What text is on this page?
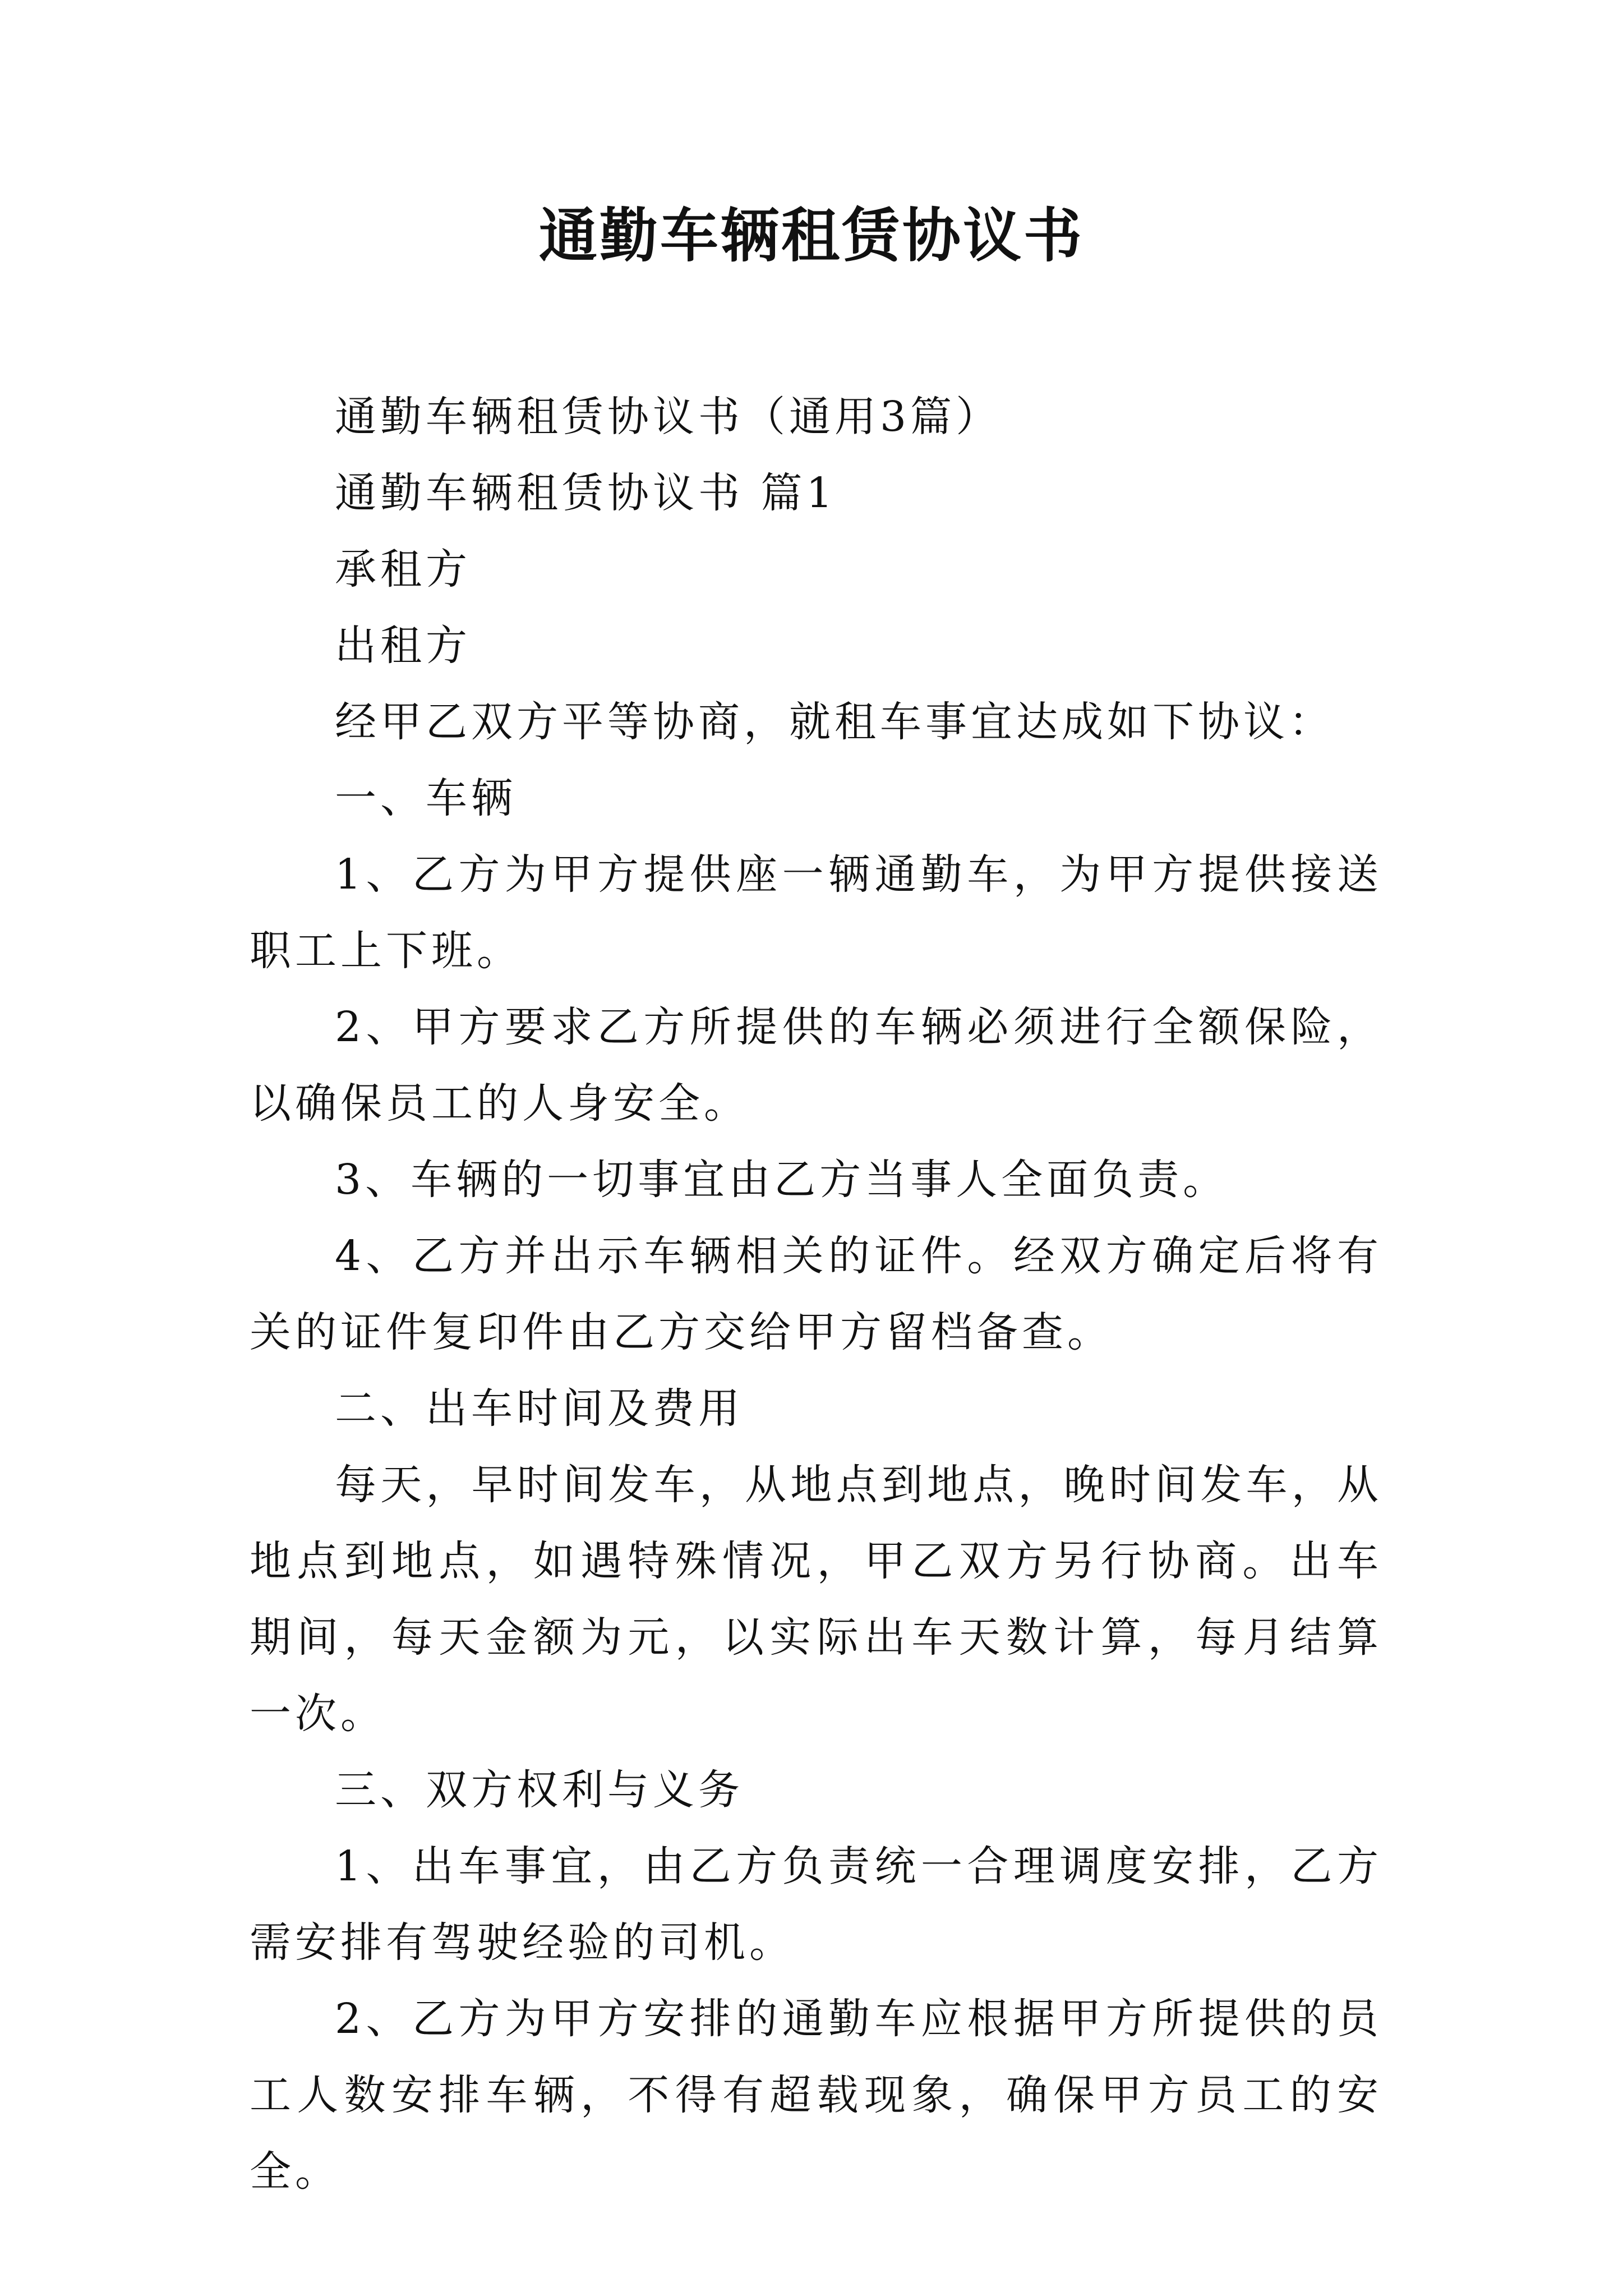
通勤车辆租赁协议书

通勤车辆租赁协议书（通用3篇）

通勤车辆租赁协议书 篇1

承租方

出租方

经甲乙双方平等协商，就租车事宜达成如下协议：

一、车辆

1、乙方为甲方提供座一辆通勤车，为甲方提供接送职工上下班。

2、甲方要求乙方所提供的车辆必须进行全额保险，以确保员工的人身安全。

3、车辆的一切事宜由乙方当事人全面负责。

4、乙方并出示车辆相关的证件。经双方确定后将有关的证件复印件由乙方交给甲方留档备查。

二、出车时间及费用

每天，早时间发车，从地点到地点，晚时间发车，从地点到地点，如遇特殊情况，甲乙双方另行协商。出车期间，每天金额为元，以实际出车天数计算，每月结算一次。

三、双方权利与义务

1、出车事宜，由乙方负责统一合理调度安排，乙方需安排有驾驶经验的司机。

2、乙方为甲方安排的通勤车应根据甲方所提供的员工人数安排车辆，不得有超载现象，确保甲方员工的安全。
